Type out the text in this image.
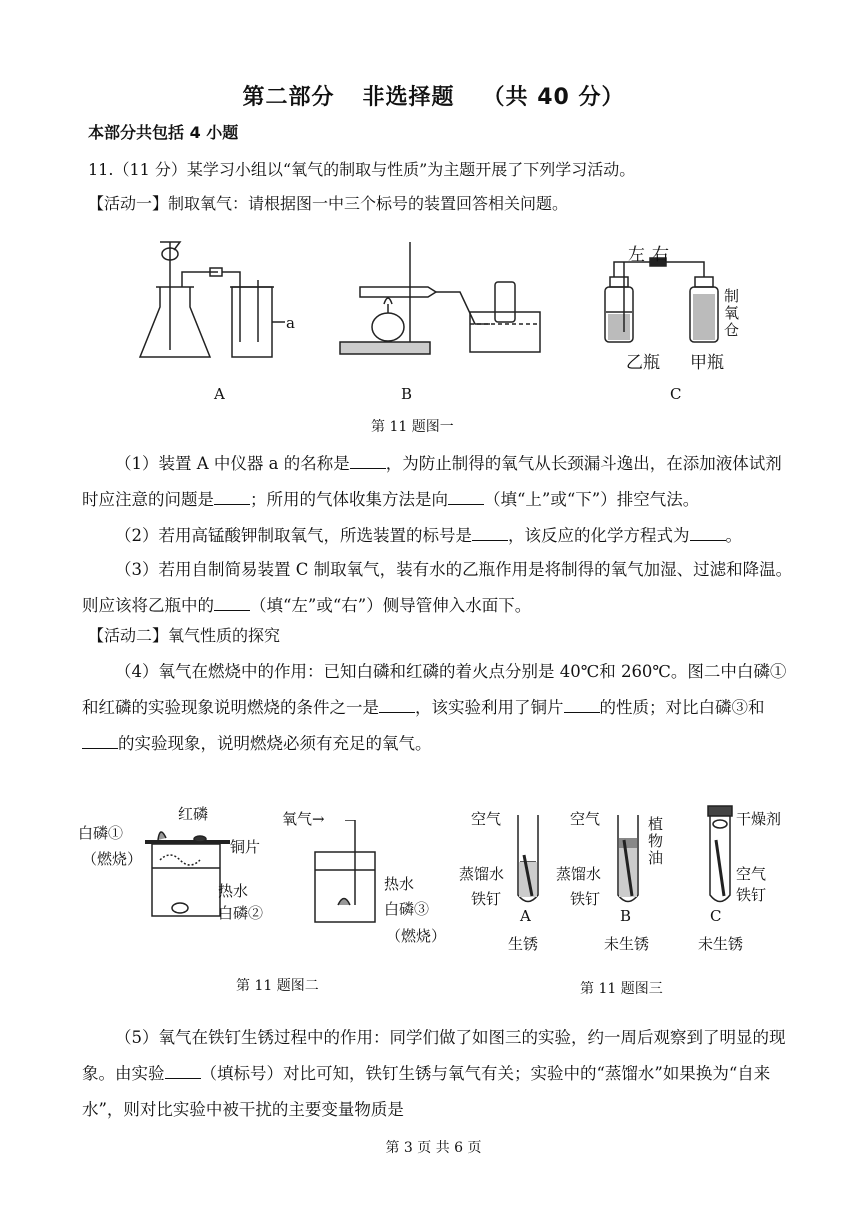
第二部分 非选择题 （共 40 分）
本部分共包括 4 小题
11.（11 分）某学习小组以“氧气的制取与性质”为主题开展了下列学习活动。
【活动一】制取氧气：请根据图一中三个标号的装置回答相关问题。
a
左 右
乙瓶 甲瓶
制
氧
仓
A	B	C
第 11 题图一
（1）装置 A 中仪器 a 的名称是 ，为防止制得的氧气从长颈漏斗逸出，在添加液体试剂时应注意的问题是 ；所用的气体收集方法是向 （填“上”或“下”）排空气法。
（2）若用高锰酸钾制取氧气，所选装置的标号是 ，该反应的化学方程式为 。
（3）若用自制简易装置 C 制取氧气，装有水的乙瓶作用是将制得的氧气加湿、过滤和降温。则应该将乙瓶中的 （填“左”或“右”）侧导管伸入水面下。
【活动二】氧气性质的探究
（4）氧气在燃烧中的作用：已知白磷和红磷的着火点分别是 40℃和 260℃。图二中白磷①和红磷的实验现象说明燃烧的条件之一是 ，该实验利用了铜片 的性质；对比白磷③和的实验现象，说明燃烧必须有充足的氧气。
红磷
白磷①
（燃烧）
铜片
热水
白磷②
氧气→
热水
白磷③
（燃烧）
第 11 题图二
空气
蒸馏水
铁钉
A
生锈
空气	植
物
油
蒸馏水
铁钉
B
未生锈
干燥剂
空气
铁钉
C
未生锈
第 11 题图三
（5）氧气在铁钉生锈过程中的作用：同学们做了如图三的实验，约一周后观察到了明显的现象。由实验 （填标号）对比可知，铁钉生锈与氧气有关；实验中的“蒸馏水”如果换为“自来水”，则对比实验中被干扰的主要变量物质是
第 3 页 共 6 页
